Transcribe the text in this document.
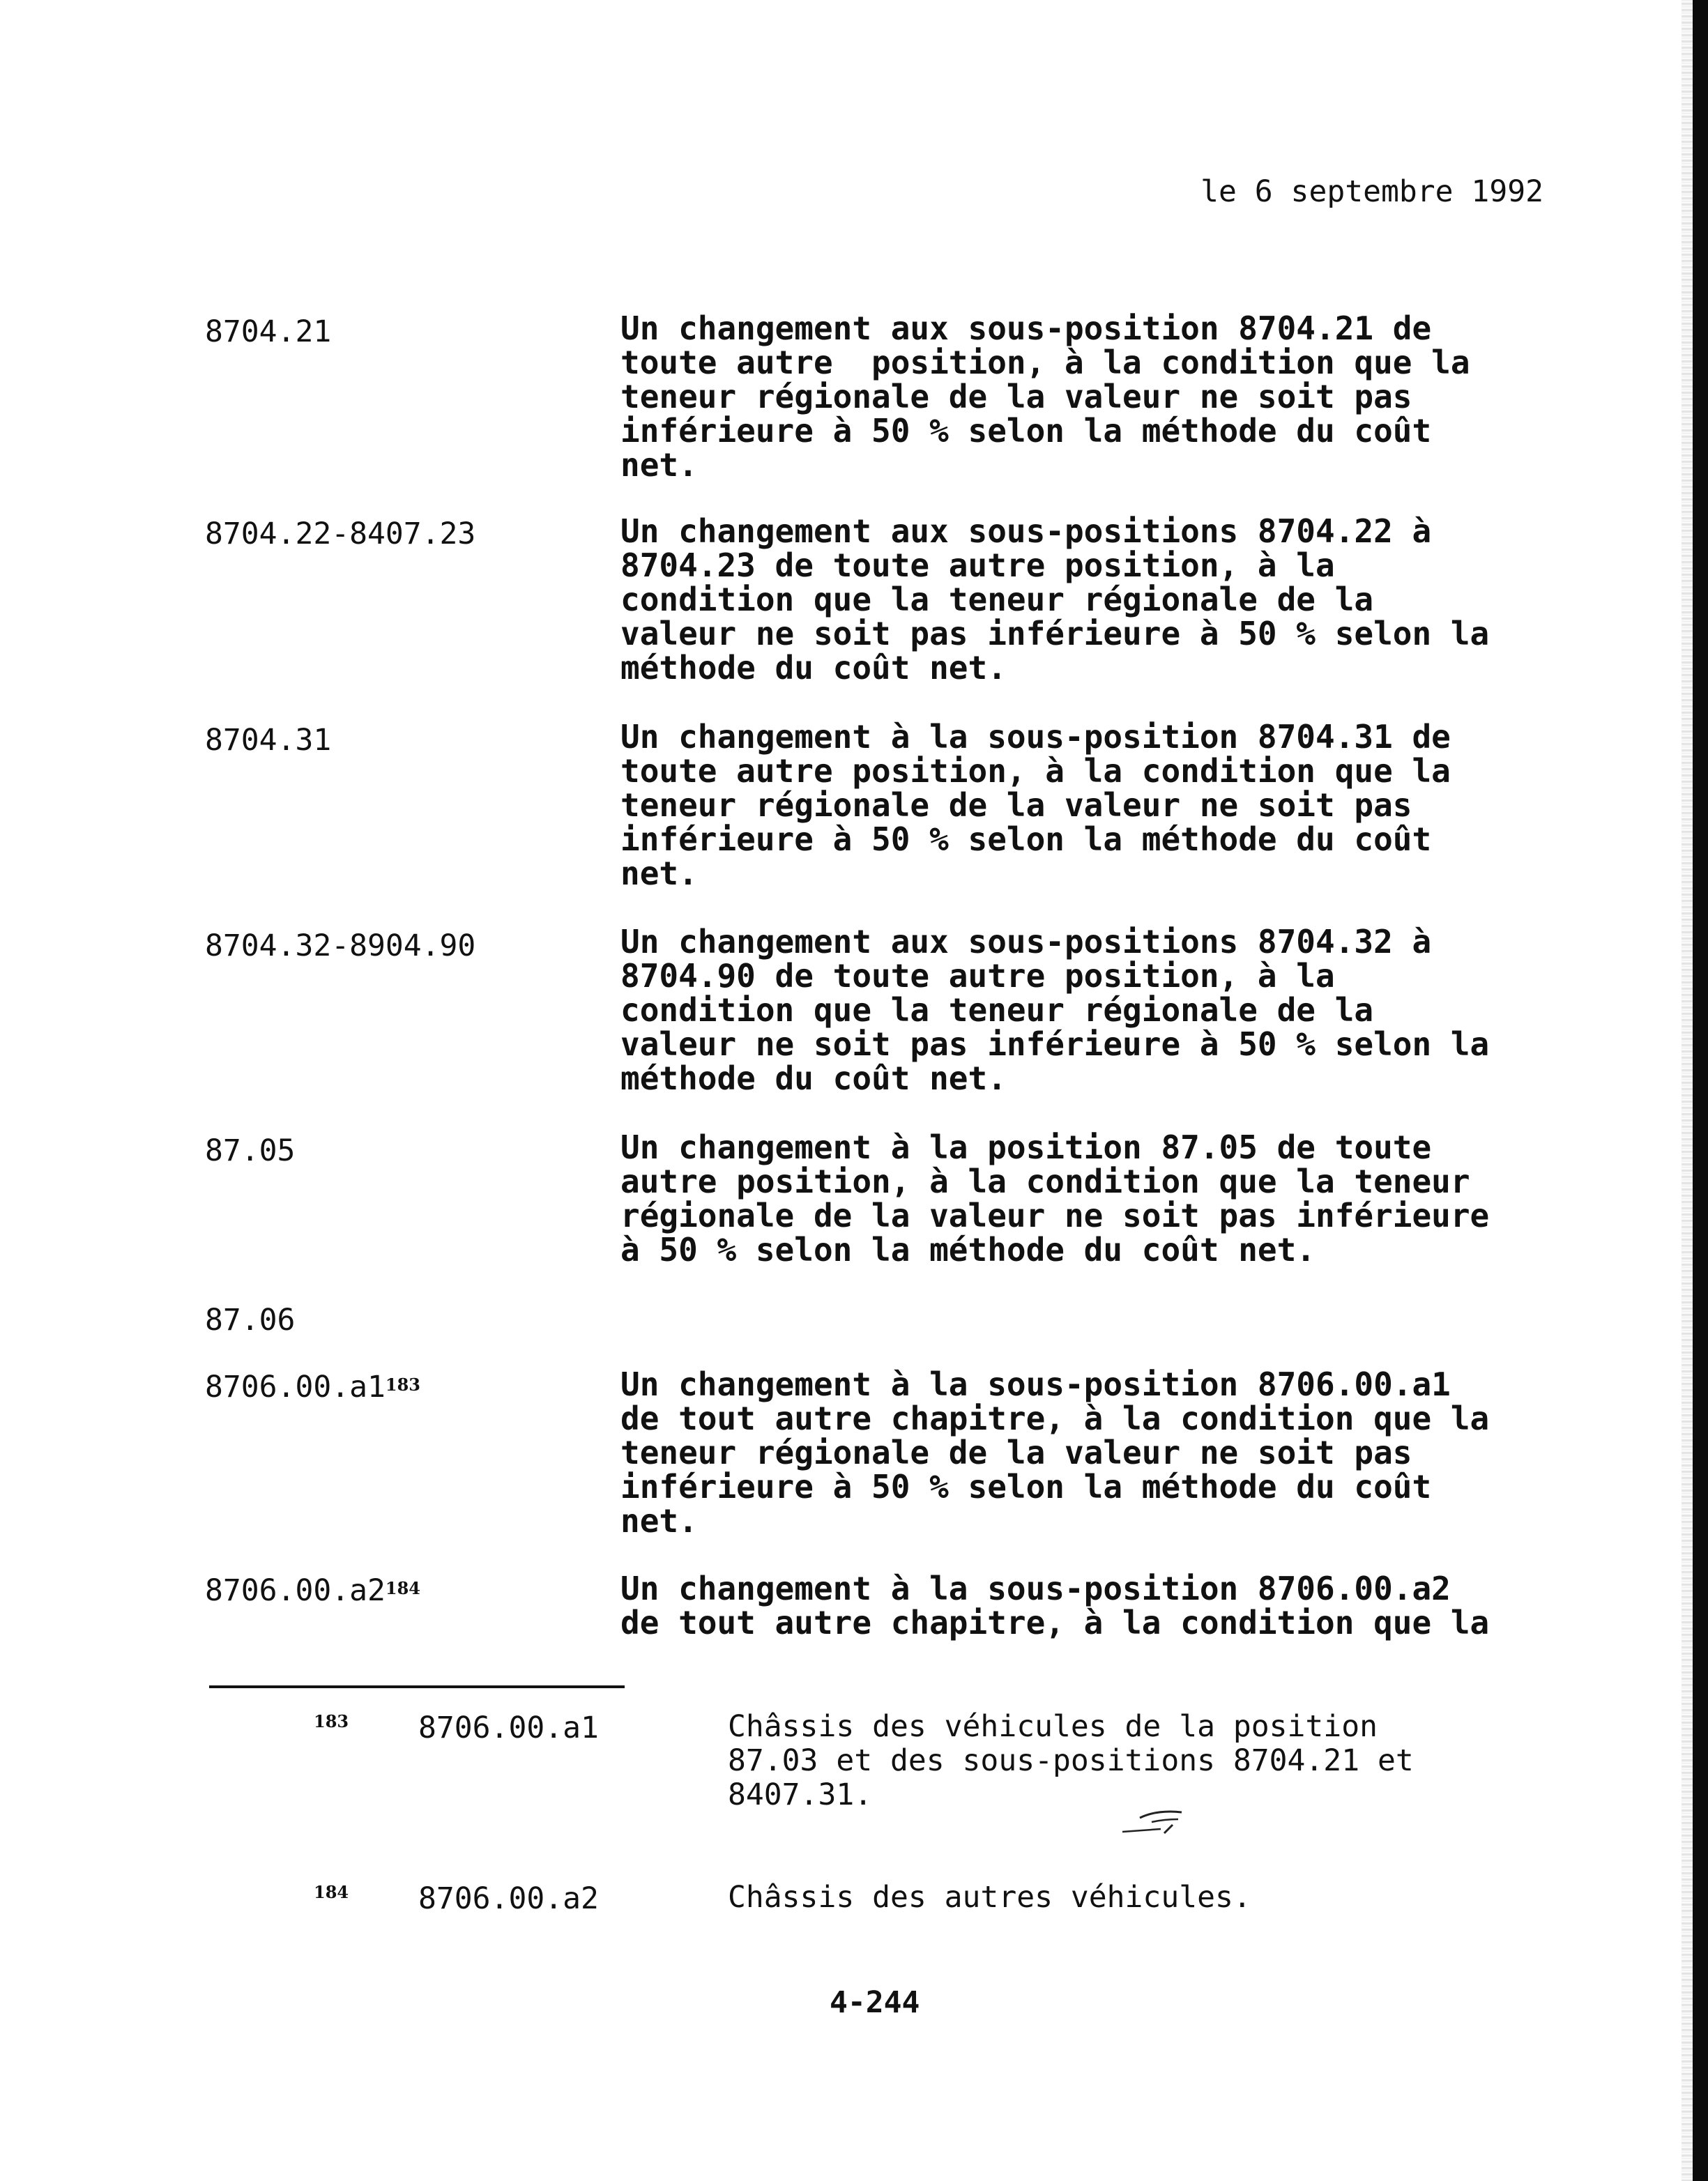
le 6 septembre 1992
8704.21	Un changement aux sous-position 8704.21 de
toute autre  position, à la condition que la
teneur régionale de la valeur ne soit pas
inférieure à 50 % selon la méthode du coût
net.
8704.22-8407.23	Un changement aux sous-positions 8704.22 à
8704.23 de toute autre position, à la
condition que la teneur régionale de la
valeur ne soit pas inférieure à 50 % selon la
méthode du coût net.
8704.31	Un changement à la sous-position 8704.31 de
toute autre position, à la condition que la
teneur régionale de la valeur ne soit pas
inférieure à 50 % selon la méthode du coût
net.
8704.32-8904.90	Un changement aux sous-positions 8704.32 à
8704.90 de toute autre position, à la
condition que la teneur régionale de la
valeur ne soit pas inférieure à 50 % selon la
méthode du coût net.
87.05	Un changement à la position 87.05 de toute
autre position, à la condition que la teneur
régionale de la valeur ne soit pas inférieure
à 50 % selon la méthode du coût net.
87.06
$8706.00.a1^{183}$	Un changement à la sous-position 8706.00.a1
de tout autre chapitre, à la condition que la
teneur régionale de la valeur ne soit pas
inférieure à 50 % selon la méthode du coût
net.
$8706.00.a2^{184}$	Un changement à la sous-position 8706.00.a2
de tout autre chapitre, à la condition que la
183 8706.00.a1	Châssis des véhicules de la position
87.03 et des sous-positions 8704.21 et
8407.31.
184 8706.00.a2	Châssis des autres véhicules.
4-244
